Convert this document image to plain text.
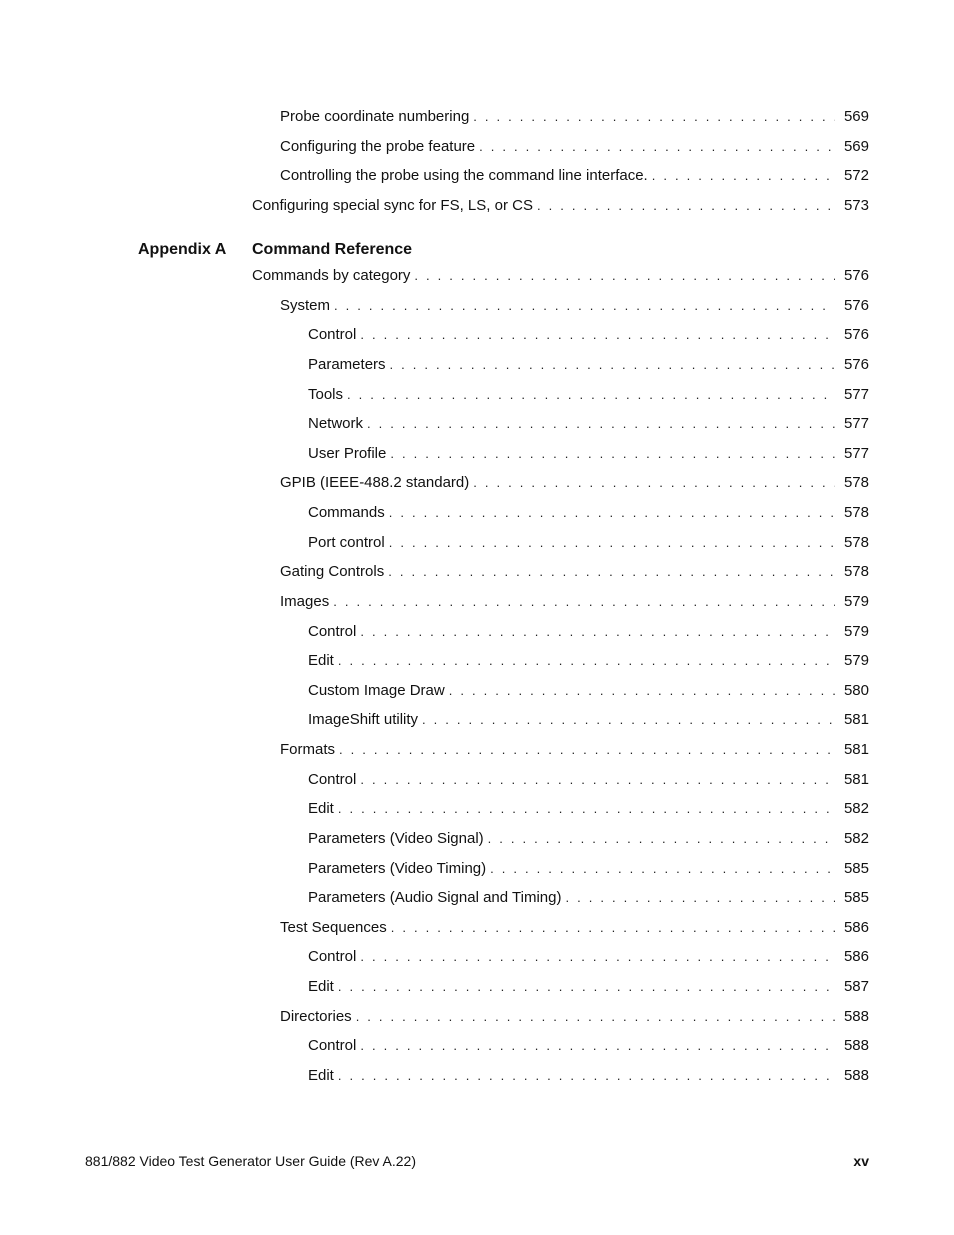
Probe coordinate numbering . . .	569
Configuring the probe feature . . .	569
Controlling the probe using the command line interface. . . .	572
Configuring special sync for FS, LS, or CS . . .	573
Appendix A Command Reference
Commands by category . . .	576
System . . .	576
Control . . .	576
Parameters . . .	576
Tools . . .	577
Network . . .	577
User Profile . . .	577
GPIB (IEEE-488.2 standard) . . .	578
Commands . . .	578
Port control . . .	578
Gating Controls . . .	578
Images . . .	579
Control . . .	579
Edit . . .	579
Custom Image Draw . . .	580
ImageShift utility . . .	581
Formats . . .	581
Control . . .	581
Edit . . .	582
Parameters (Video Signal) . . .	582
Parameters (Video Timing) . . .	585
Parameters (Audio Signal and Timing) . . .	585
Test Sequences . . .	586
Control . . .	586
Edit . . .	587
Directories . . .	588
Control . . .	588
Edit . . .	588
881/882 Video Test Generator User Guide (Rev A.22)	xv
